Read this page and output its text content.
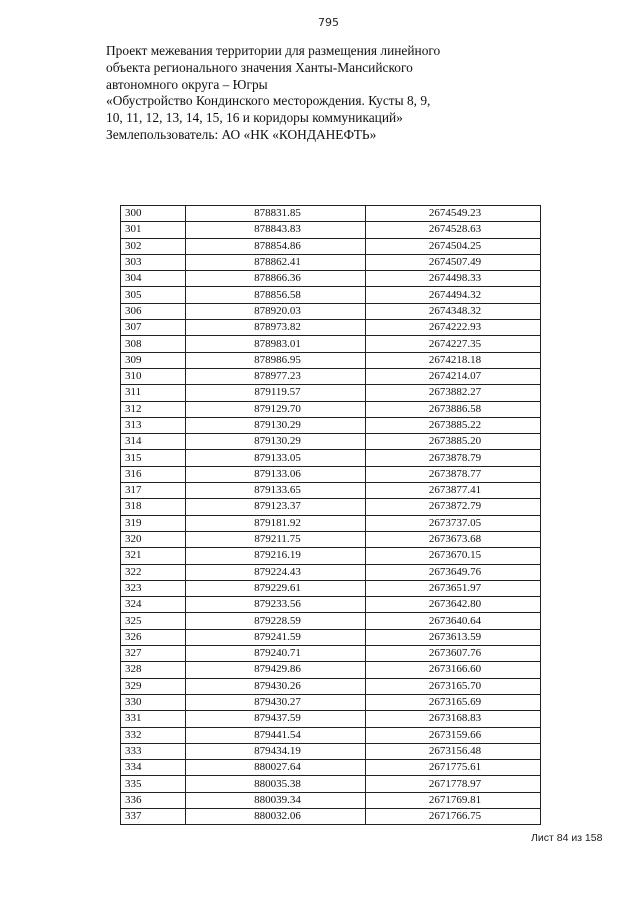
795
Проект межевания территории для размещения линейного
объекта регионального значения Ханты-Мансийского
автономного округа – Югры
«Обустройство Кондинского месторождения. Кусты 8, 9,
10, 11, 12, 13, 14, 15, 16 и коридоры коммуникаций»
Землепользователь: АО «НК «КОНДАНЕФТЬ»
300	878831.85	2674549.23
301	878843.83	2674528.63
302	878854.86	2674504.25
303	878862.41	2674507.49
304	878866.36	2674498.33
305	878856.58	2674494.32
306	878920.03	2674348.32
307	878973.82	2674222.93
308	878983.01	2674227.35
309	878986.95	2674218.18
310	878977.23	2674214.07
311	879119.57	2673882.27
312	879129.70	2673886.58
313	879130.29	2673885.22
314	879130.29	2673885.20
315	879133.05	2673878.79
316	879133.06	2673878.77
317	879133.65	2673877.41
318	879123.37	2673872.79
319	879181.92	2673737.05
320	879211.75	2673673.68
321	879216.19	2673670.15
322	879224.43	2673649.76
323	879229.61	2673651.97
324	879233.56	2673642.80
325	879228.59	2673640.64
326	879241.59	2673613.59
327	879240.71	2673607.76
328	879429.86	2673166.60
329	879430.26	2673165.70
330	879430.27	2673165.69
331	879437.59	2673168.83
332	879441.54	2673159.66
333	879434.19	2673156.48
334	880027.64	2671775.61
335	880035.38	2671778.97
336	880039.34	2671769.81
337	880032.06	2671766.75
Лист 84 из 158
